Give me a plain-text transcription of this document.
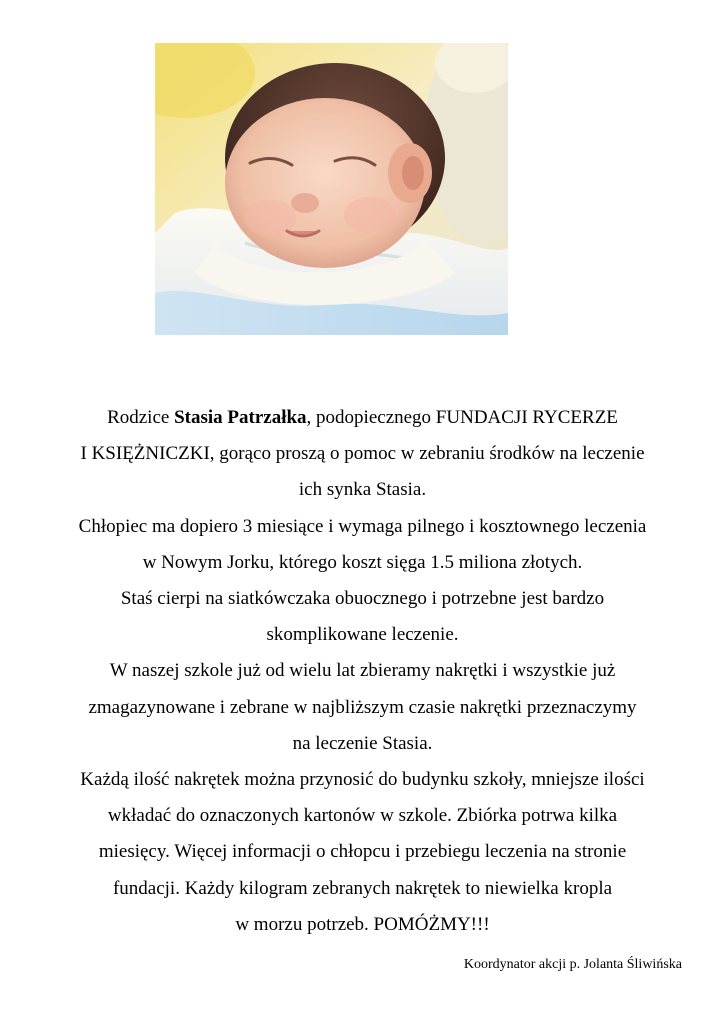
Rodzice Stasia Patrzałka, podopiecznego FUNDACJI RYCERZE

I KSIĘŻNICZKI, gorąco proszą o pomoc w zebraniu środków na leczenie

ich synka Stasia.

Chłopiec ma dopiero 3 miesiące i wymaga pilnego i kosztownego leczenia

w Nowym Jorku, którego koszt sięga 1.5 miliona złotych.

Staś cierpi na siatkówczaka obuocznego i potrzebne jest bardzo

skomplikowane leczenie.

W naszej szkole już od wielu lat zbieramy nakrętki i wszystkie już

zmagazynowane i zebrane w najbliższym czasie nakrętki przeznaczymy

na leczenie Stasia.

Każdą ilość nakrętek można przynosić do budynku szkoły, mniejsze ilości

wkładać do oznaczonych kartonów w szkole. Zbiórka potrwa kilka

miesięcy. Więcej informacji o chłopcu i przebiegu leczenia na stronie

fundacji. Każdy kilogram zebranych nakrętek to niewielka kropla

w morzu potrzeb. POMÓŻMY!!!

Koordynator akcji p. Jolanta Śliwińska
